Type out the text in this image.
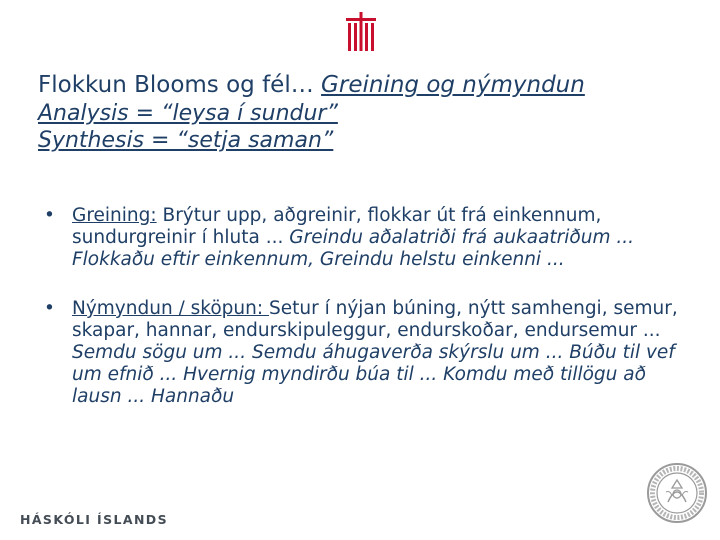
Flokkun Blooms og fél… Greining og nýmyndun
Analysis = “leysa í sundur”
Synthesis = “setja saman”
• Greining: Brýtur upp, aðgreinir, flokkar út frá einkennum, sundurgreinir í hluta ... Greindu aðalatriði frá aukaatriðum ... Flokkaðu eftir einkennum, Greindu helstu einkenni ...
• Nýmyndun / sköpun: Setur í nýjan búning, nýtt samhengi, semur, skapar, hannar, endurskipuleggur, endurskoðar, endursemur ... Semdu sögu um ... Semdu áhugaverða skýrslu um ... Búðu til vef um efnið ... Hvernig myndirðu búa til ... Komdu með tillögu að lausn ... Hannaðu
HÁSKÓLI ÍSLANDS
